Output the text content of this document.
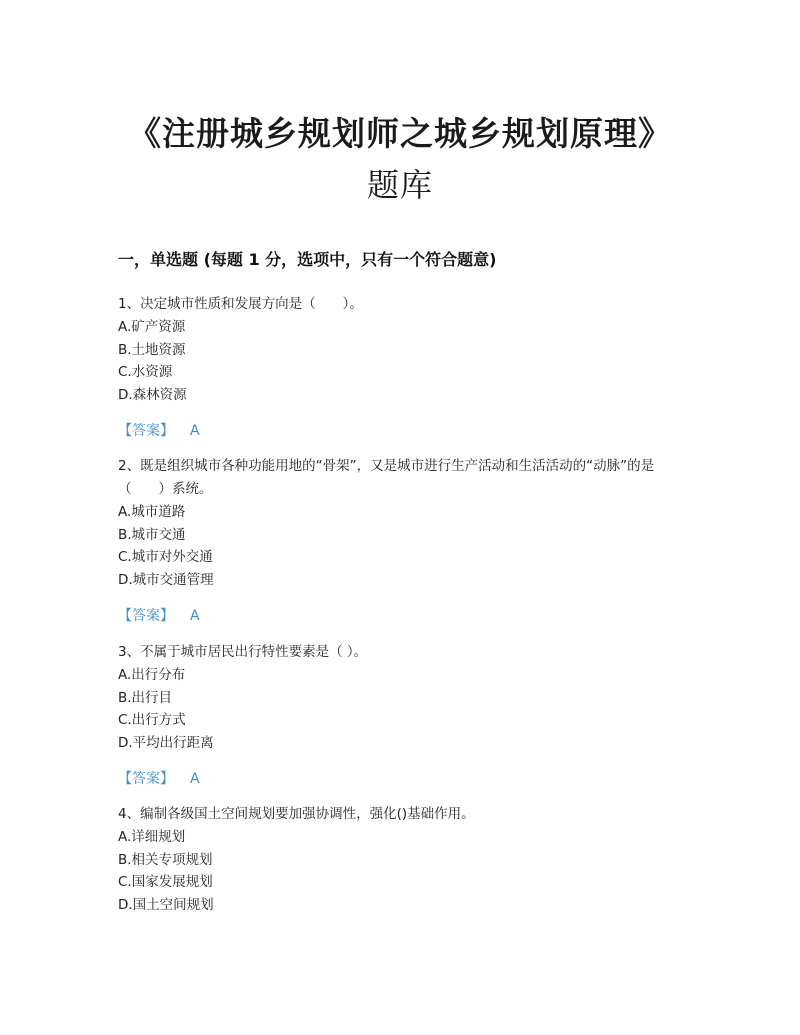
《注册城乡规划师之城乡规划原理》
题库
一，单选题 (每题 1 分，选项中，只有一个符合题意)
1、决定城市性质和发展方向是（　　）。
A.矿产资源
B.土地资源
C.水资源
D.森林资源
【答案】 A
2、既是组织城市各种功能用地的“骨架”，又是城市进行生产活动和生活活动的“动脉”的是（　　）系统。
A.城市道路
B.城市交通
C.城市对外交通
D.城市交通管理
【答案】 A
3、不属于城市居民出行特性要素是（ ）。
A.出行分布
B.出行目
C.出行方式
D.平均出行距离
【答案】 A
4、编制各级国土空间规划要加强协调性，强化()基础作用。
A.详细规划
B.相关专项规划
C.国家发展规划
D.国土空间规划
